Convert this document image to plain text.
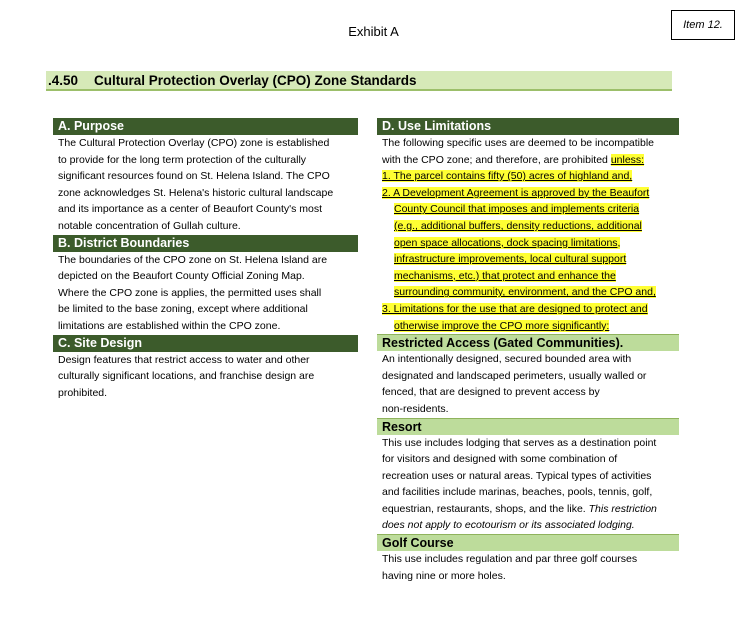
Item 12.
Exhibit A
.4.50 Cultural Protection Overlay (CPO) Zone Standards
A. Purpose
The Cultural Protection Overlay (CPO) zone is established
to provide for the long term protection of the culturally
significant resources found on St. Helena Island. The CPO
zone acknowledges St. Helena's historic cultural landscape
and its importance as a center of Beaufort County's most
notable concentration of Gullah culture.
B. District Boundaries
The boundaries of the CPO zone on St. Helena Island are
depicted on the Beaufort County Official Zoning Map.
Where the CPO zone is applies, the permitted uses shall
be limited to the base zoning, except where additional
limitations are established within the CPO zone.
C. Site Design
Design features that restrict access to water and other
culturally significant locations, and franchise design are
prohibited.
D. Use Limitations
The following specific uses are deemed to be incompatible
with the CPO zone; and therefore, are prohibited unless:
1. The parcel contains fifty (50) acres of highland and,
2. A Development Agreement is approved by the Beaufort
County Council that imposes and implements criteria
(e.g., additional buffers, density reductions, additional
open space allocations, dock spacing limitations,
infrastructure improvements, local cultural support
mechanisms, etc.) that protect and enhance the
surrounding community, environment, and the CPO and,
3. Limitations for the use that are designed to protect and
otherwise improve the CPO more significantly:
Restricted Access (Gated Communities).
An intentionally designed, secured bounded area with
designated and landscaped perimeters, usually walled or
fenced, that are designed to prevent access by
non-residents.
Resort
This use includes lodging that serves as a destination point
for visitors and designed with some combination of
recreation uses or natural areas. Typical types of activities
and facilities include marinas, beaches, pools, tennis, golf,
equestrian, restaurants, shops, and the like. This restriction
does not apply to ecotourism or its associated lodging.
Golf Course
This use includes regulation and par three golf courses
having nine or more holes.
